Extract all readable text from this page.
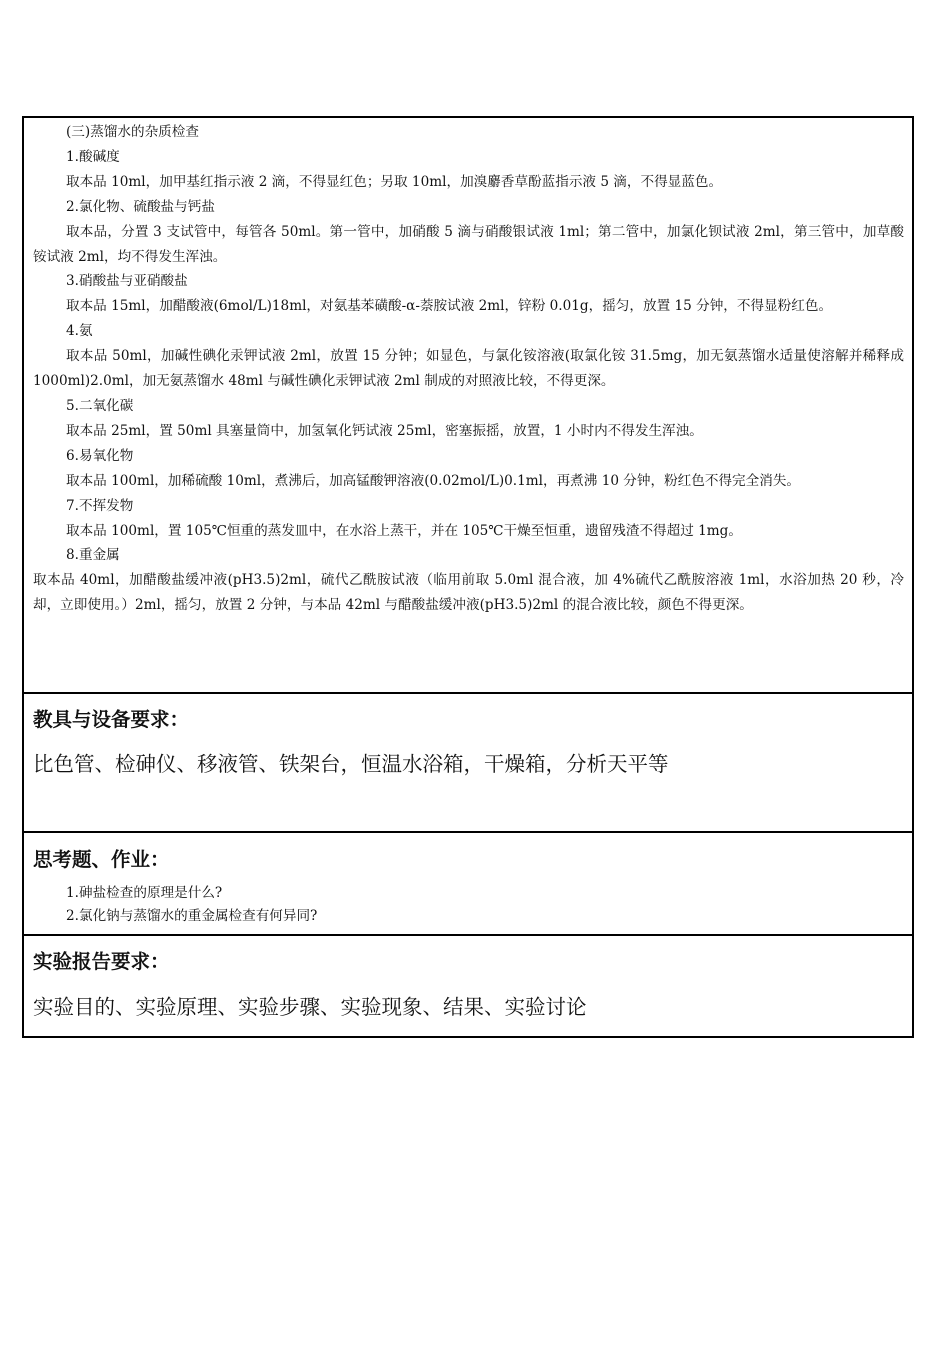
(三)蒸馏水的杂质检查

1.酸碱度

取本品 10ml，加甲基红指示液 2 滴，不得显红色；另取 10ml，加溴麝香草酚蓝指示液 5 滴，不得显蓝色。

2.氯化物、硫酸盐与钙盐

取本品，分置 3 支试管中，每管各 50ml。第一管中，加硝酸 5 滴与硝酸银试液 1ml；第二管中，加氯化钡试液 2ml，第三管中，加草酸铵试液 2ml，均不得发生浑浊。

3.硝酸盐与亚硝酸盐

取本品 15ml，加醋酸液(6mol/L)18ml，对氨基苯磺酸-α-萘胺试液 2ml，锌粉 0.01g，摇匀，放置 15 分钟，不得显粉红色。

4.氨

取本品 50ml，加碱性碘化汞钾试液 2ml，放置 15 分钟；如显色，与氯化铵溶液(取氯化铵 31.5mg，加无氨蒸馏水适量使溶解并稀释成 1000ml)2.0ml，加无氨蒸馏水 48ml 与碱性碘化汞钾试液 2ml 制成的对照液比较，不得更深。

5.二氧化碳

取本品 25ml，置 50ml 具塞量筒中，加氢氧化钙试液 25ml，密塞振摇，放置，1 小时内不得发生浑浊。

6.易氧化物

取本品 100ml，加稀硫酸 10ml，煮沸后，加高锰酸钾溶液(0.02mol/L)0.1ml，再煮沸 10 分钟，粉红色不得完全消失。

7.不挥发物

取本品 100ml，置 105℃恒重的蒸发皿中，在水浴上蒸干，并在 105℃干燥至恒重，遗留残渣不得超过 1mg。

8.重金属

取本品 40ml，加醋酸盐缓冲液(pH3.5)2ml，硫代乙酰胺试液（临用前取 5.0ml 混合液，加 4%硫代乙酰胺溶液 1ml，水浴加热 20 秒，冷却，立即使用。）2ml，摇匀，放置 2 分钟，与本品 42ml 与醋酸盐缓冲液(pH3.5)2ml 的混合液比较，颜色不得更深。

教具与设备要求：

比色管、检砷仪、移液管、铁架台，恒温水浴箱，干燥箱，分析天平等

思考题、作业：

1.砷盐检查的原理是什么?

2.氯化钠与蒸馏水的重金属检查有何异同?

实验报告要求：

实验目的、实验原理、实验步骤、实验现象、结果、实验讨论
